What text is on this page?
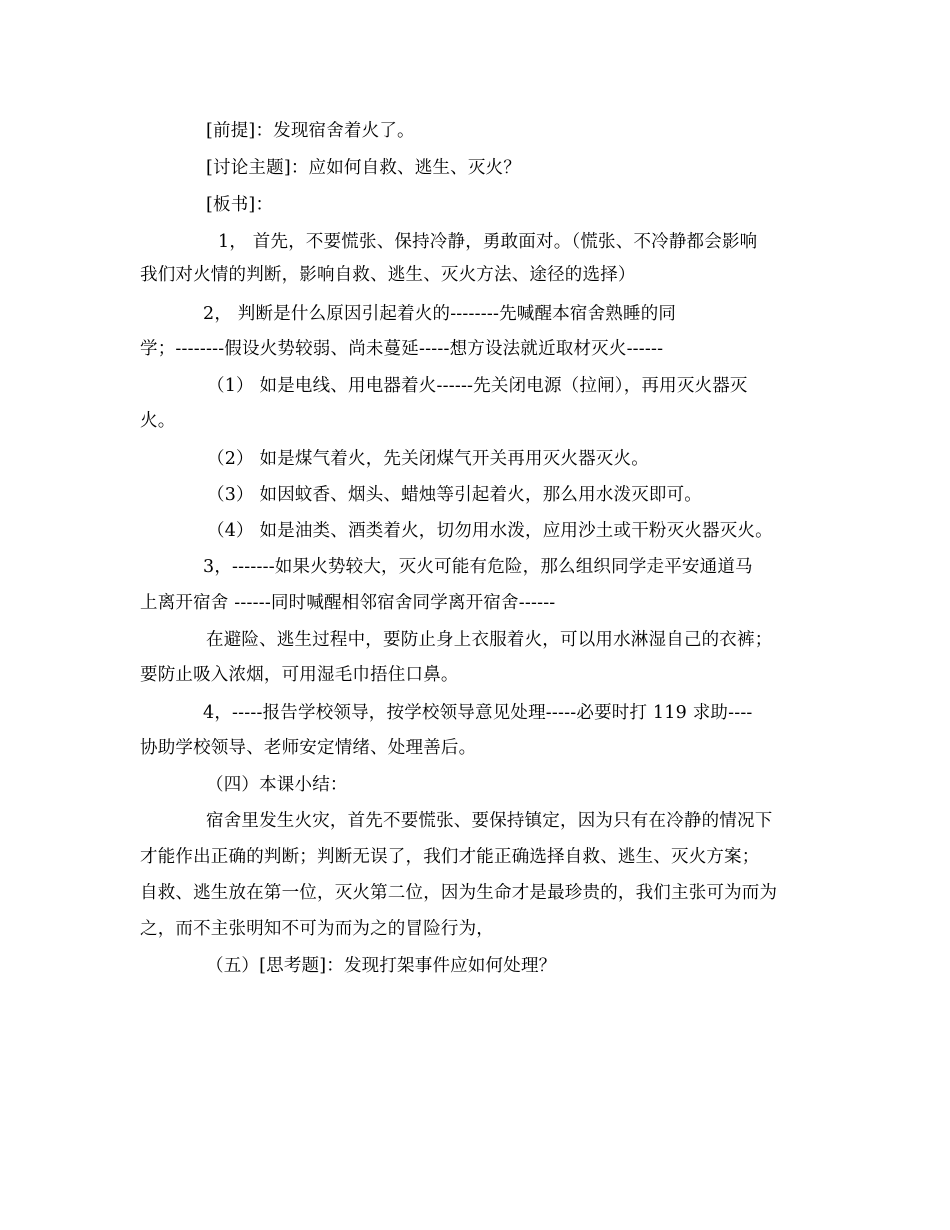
[前提]：发现宿舍着火了。
[讨论主题]：应如何自救、逃生、灭火？
[板书]：
1， 首先，不要慌张、保持冷静，勇敢面对。（慌张、不冷静都会影响
我们对火情的判断，影响自救、逃生、灭火方法、途径的选择）
2， 判断是什么原因引起着火的--------先喊醒本宿舍熟睡的同
学；--------假设火势较弱、尚未蔓延-----想方设法就近取材灭火------
（1） 如是电线、用电器着火------先关闭电源（拉闸），再用灭火器灭
火。
（2） 如是煤气着火，先关闭煤气开关再用灭火器灭火。
（3） 如因蚊香、烟头、蜡烛等引起着火，那么用水泼灭即可。
（4） 如是油类、酒类着火，切勿用水泼，应用沙土或干粉灭火器灭火。
3，-------如果火势较大，灭火可能有危险，那么组织同学走平安通道马
上离开宿舍 ------同时喊醒相邻宿舍同学离开宿舍------
在避险、逃生过程中，要防止身上衣服着火，可以用水淋湿自己的衣裤；
要防止吸入浓烟，可用湿毛巾捂住口鼻。
4，-----报告学校领导，按学校领导意见处理-----必要时打 119 求助----
协助学校领导、老师安定情绪、处理善后。
（四）本课小结：
宿舍里发生火灾，首先不要慌张、要保持镇定，因为只有在冷静的情况下
才能作出正确的判断；判断无误了，我们才能正确选择自救、逃生、灭火方案；
自救、逃生放在第一位，灭火第二位，因为生命才是最珍贵的，我们主张可为而为
之，而不主张明知不可为而为之的冒险行为，
（五）[思考题]：发现打架事件应如何处理？
